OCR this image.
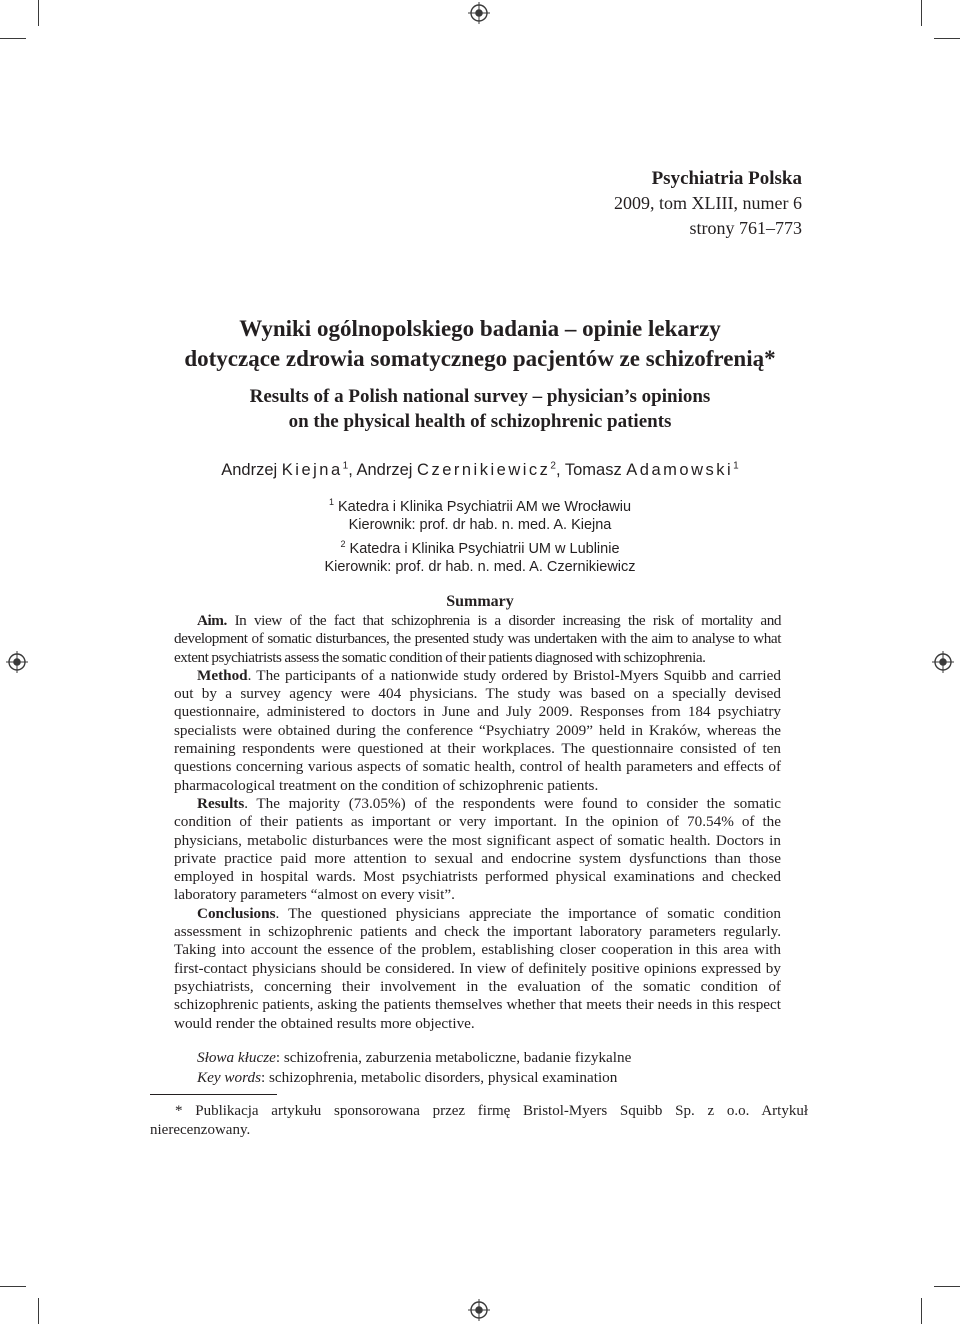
Psychiatria Polska
2009, tom XLIII, numer 6
strony 761–773
Wyniki ogólnopolskiego badania – opinie lekarzy
dotyczące zdrowia somatycznego pacjentów ze schizofrenią*
Results of a Polish national survey – physician’s opinions
on the physical health of schizophrenic patients
Andrzej Kiejna$^1$, Andrzej Czernikiewicz$^2$, Tomasz Adamowski$^1$
$^1$ Katedra i Klinika Psychiatrii AM we Wrocławiu
Kierownik: prof. dr hab. n. med. A. Kiejna
$^2$ Katedra i Klinika Psychiatrii UM w Lublinie
Kierownik: prof. dr hab. n. med. A. Czernikiewicz
Summary

Aim. In view of the fact that schizophrenia is a disorder increasing the risk of mortality and development of somatic disturbances, the presented study was undertaken with the aim to analyse to what extent psychiatrists assess the somatic condition of their patients diagnosed with schizophrenia.

Method. The participants of a nationwide study ordered by Bristol-Myers Squibb and carried out by a survey agency were 404 physicians. The study was based on a specially devised questionnaire, administered to doctors in June and July 2009. Responses from 184 psychiatry specialists were obtained during the conference “Psychiatry 2009” held in Kraków, whereas the remaining respondents were questioned at their workplaces. The questionnaire consisted of ten questions concerning various aspects of somatic health, control of health parameters and effects of pharmacological treatment on the condition of schizophrenic patients.

Results. The majority (73.05%) of the respondents were found to consider the somatic condition of their patients as important or very important. In the opinion of 70.54% of the physicians, metabolic disturbances were the most significant aspect of somatic health. Doctors in private practice paid more attention to sexual and endocrine system dysfunctions than those employed in hospital wards. Most psychiatrists performed physical examinations and checked laboratory parameters “almost on every visit”.

Conclusions. The questioned physicians appreciate the importance of somatic condition assessment in schizophrenic patients and check the important laboratory parameters regularly. Taking into account the essence of the problem, establishing closer cooperation in this area with first-contact physicians should be considered. In view of definitely positive opinions expressed by psychiatrists, concerning their involvement in the evaluation of the somatic condition of schizophrenic patients, asking the patients themselves whether that meets their needs in this respect would render the obtained results more objective.

Słowa kłucze: schizofrenia, zaburzenia metaboliczne, badanie fizykalne
Key words: schizophrenia, metabolic disorders, physical examination

* Publikacja artykułu sponsorowana przez firmę Bristol-Myers Squibb Sp. z o.o. Artykuł nierecenzowany.
